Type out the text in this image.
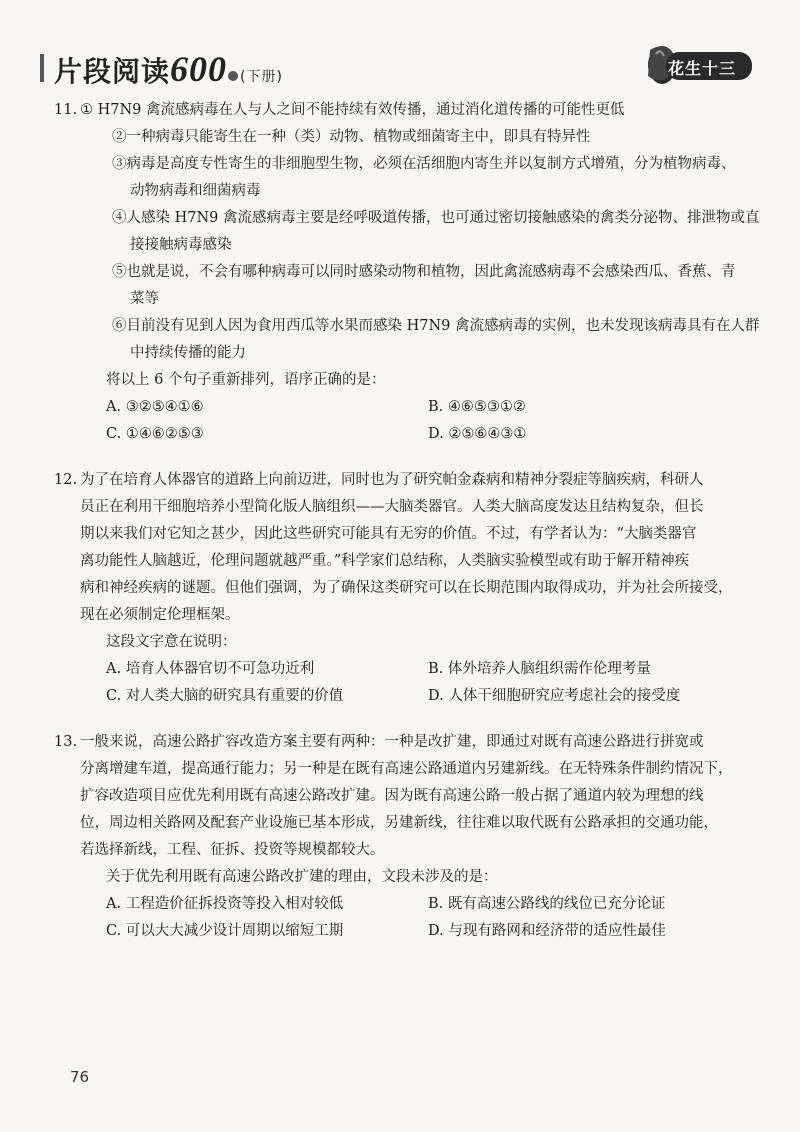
片段阅读600 (下册)	花生十三
11. ① H7N9 禽流感病毒在人与人之间不能持续有效传播，通过消化道传播的可能性更低
②一种病毒只能寄生在一种（类）动物、植物或细菌寄主中，即具有特异性
③病毒是高度专性寄生的非细胞型生物，必须在活细胞内寄生并以复制方式增殖，分为植物病毒、
动物病毒和细菌病毒
④人感染 H7N9 禽流感病毒主要是经呼吸道传播，也可通过密切接触感染的禽类分泌物、排泄物或直
接接触病毒感染
⑤也就是说，不会有哪种病毒可以同时感染动物和植物，因此禽流感病毒不会感染西瓜、香蕉、青
菜等
⑥目前没有见到人因为食用西瓜等水果而感染 H7N9 禽流感病毒的实例，也未发现该病毒具有在人群
中持续传播的能力
将以上 6 个句子重新排列，语序正确的是：
A. ③②⑤④①⑥	B. ④⑥⑤③①②
C. ①④⑥②⑤③	D. ②⑤⑥④③①
12. 为了在培育人体器官的道路上向前迈进，同时也为了研究帕金森病和精神分裂症等脑疾病，科研人
员正在利用干细胞培养小型简化版人脑组织——大脑类器官。人类大脑高度发达且结构复杂，但长
期以来我们对它知之甚少，因此这些研究可能具有无穷的价值。不过，有学者认为：“大脑类器官
离功能性人脑越近，伦理问题就越严重。”科学家们总结称，人类脑实验模型或有助于解开精神疾
病和神经疾病的谜题。但他们强调，为了确保这类研究可以在长期范围内取得成功，并为社会所接受，
现在必须制定伦理框架。
这段文字意在说明：
A. 培育人体器官切不可急功近利	B. 体外培养人脑组织需作伦理考量
C. 对人类大脑的研究具有重要的价值	D. 人体干细胞研究应考虑社会的接受度
13. 一般来说，高速公路扩容改造方案主要有两种：一种是改扩建，即通过对既有高速公路进行拼宽或
分离增建车道，提高通行能力；另一种是在既有高速公路通道内另建新线。在无特殊条件制约情况下，
扩容改造项目应优先利用既有高速公路改扩建。因为既有高速公路一般占据了通道内较为理想的线
位，周边相关路网及配套产业设施已基本形成，另建新线，往往难以取代既有公路承担的交通功能，
若选择新线，工程、征拆、投资等规模都较大。
关于优先利用既有高速公路改扩建的理由，文段未涉及的是：
A. 工程造价征拆投资等投入相对较低	B. 既有高速公路线的线位已充分论证
C. 可以大大减少设计周期以缩短工期	D. 与现有路网和经济带的适应性最佳
76
